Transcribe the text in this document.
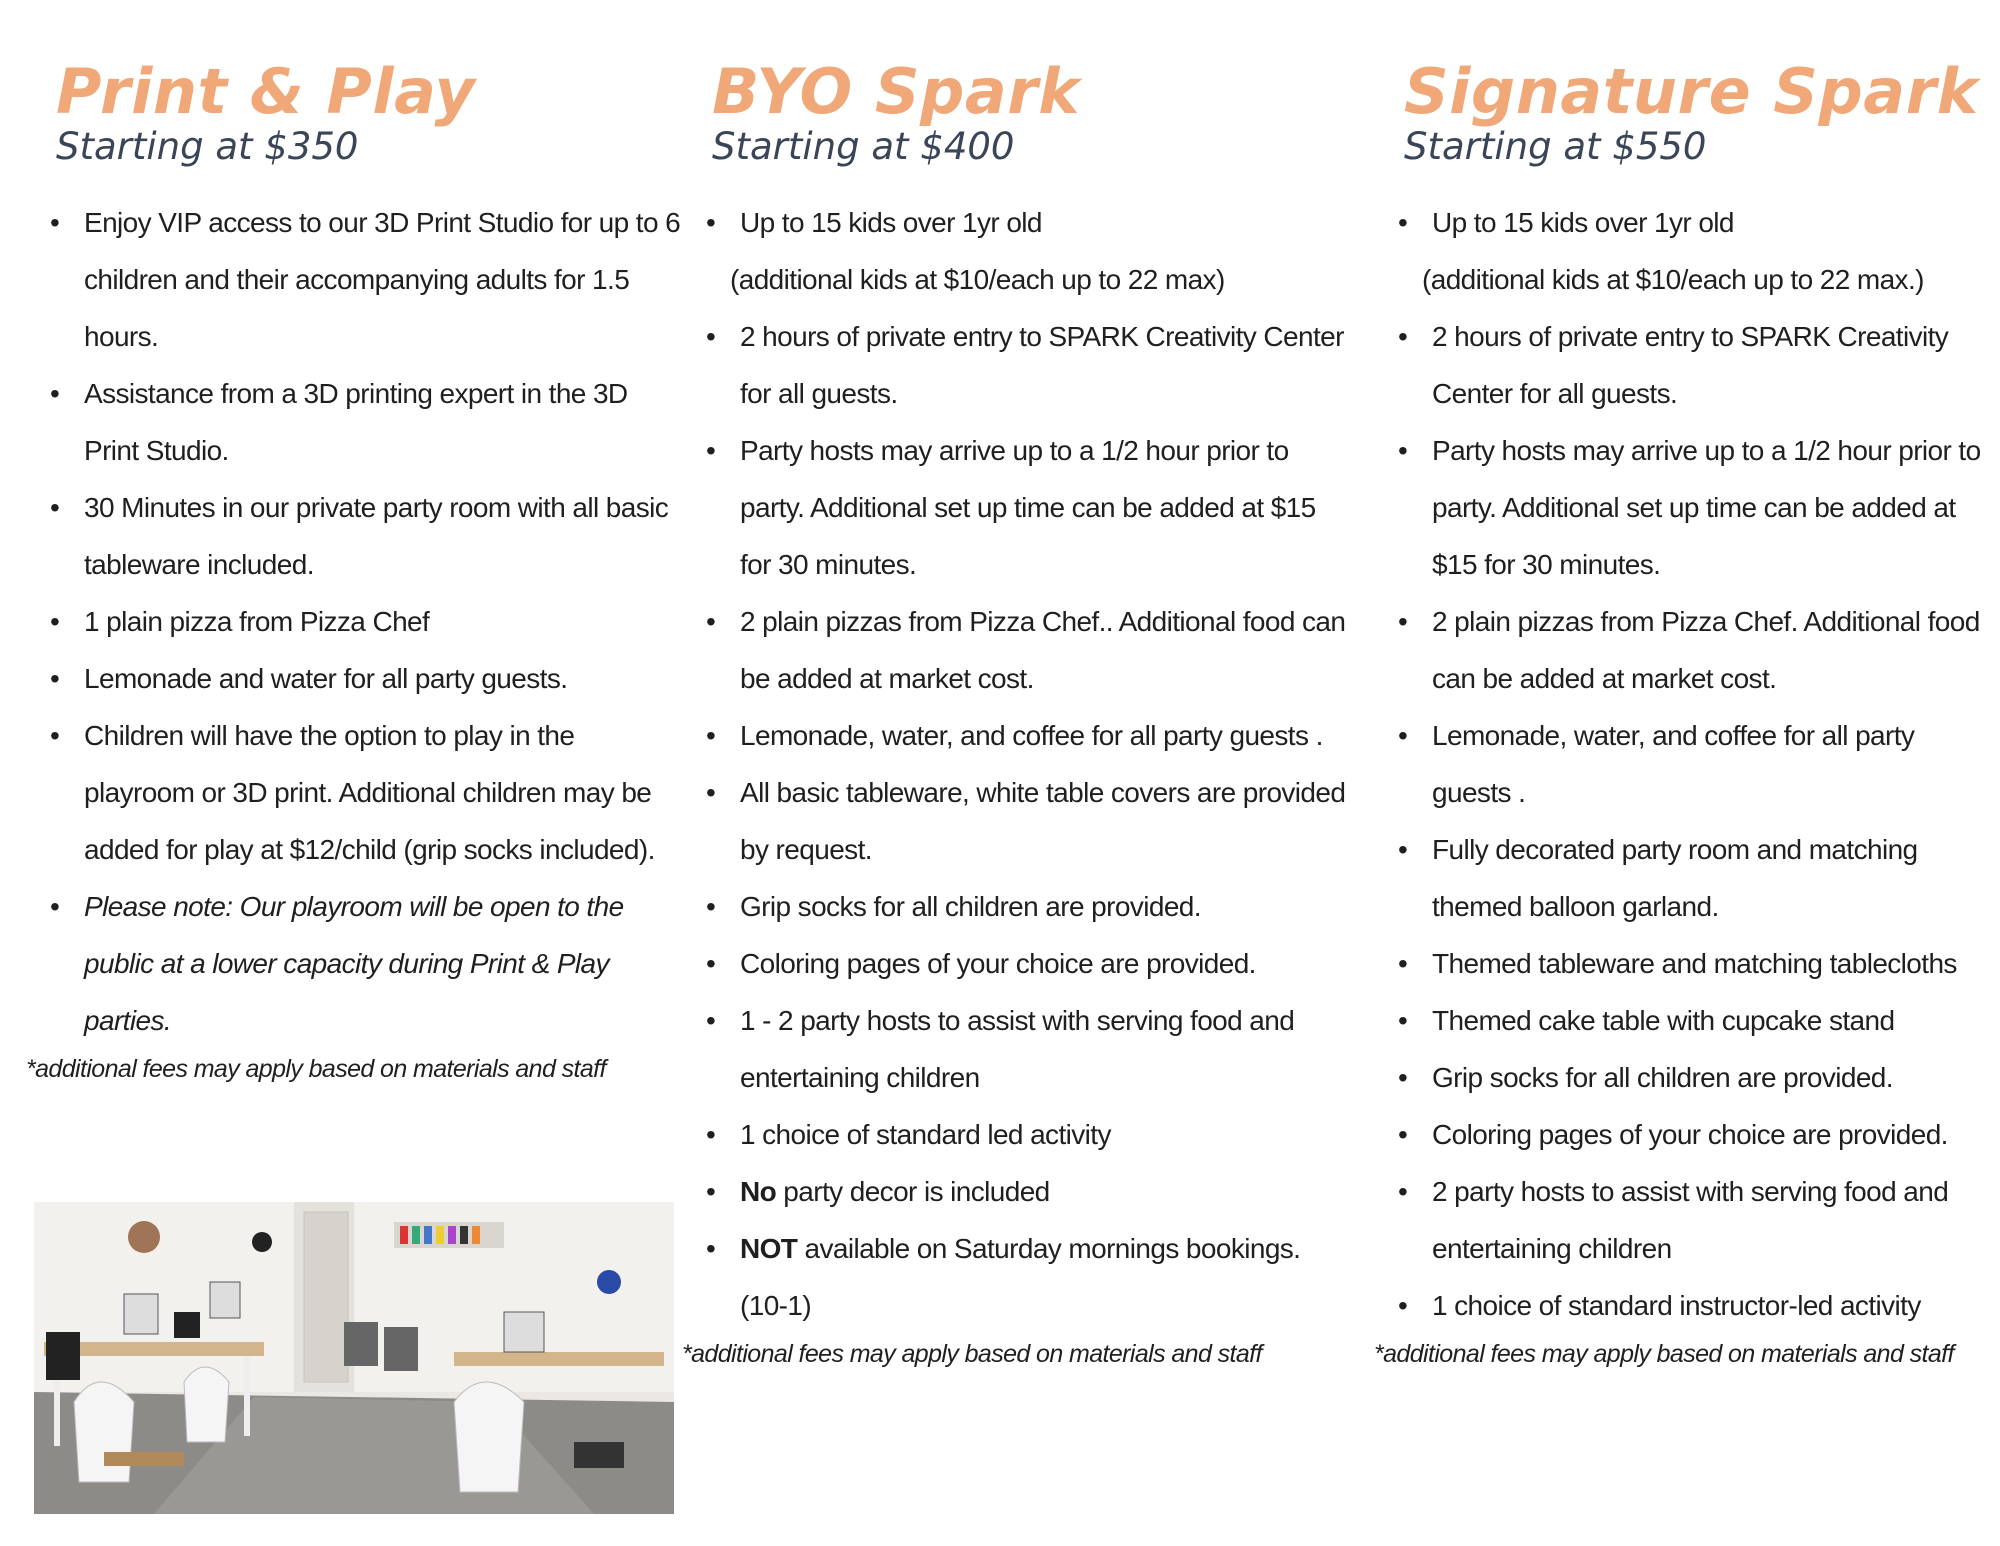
Print & Play
Starting at $350
• Enjoy VIP access to our 3D Print Studio for up to 6 children and their accompanying adults for 1.5 hours.
• Assistance from a 3D printing expert in the 3D Print Studio.
• 30 Minutes in our private party room with all basic tableware included.
• 1 plain pizza from Pizza Chef
• Lemonade and water for all party guests.
• Children will have the option to play in the playroom or 3D print. Additional children may be added for play at $12/child (grip socks included).
• Please note: Our playroom will be open to the public at a lower capacity during Print & Play parties.
*additional fees may apply based on materials and staff
BYO Spark
Starting at $400
• Up to 15 kids over 1yr old
(additional kids at $10/each up to 22 max)
• 2 hours of private entry to SPARK Creativity Center for all guests.
• Party hosts may arrive up to a 1/2 hour prior to party. Additional set up time can be added at $15 for 30 minutes.
• 2 plain pizzas from Pizza Chef.. Additional food can be added at market cost.
• Lemonade, water, and coffee for all party guests .
• All basic tableware, white table covers are provided by request.
• Grip socks for all children are provided.
• Coloring pages of your choice are provided.
• 1 - 2 party hosts to assist with serving food and entertaining children
• 1 choice of standard led activity
• No party decor is included
• NOT available on Saturday mornings bookings. (10-1)
*additional fees may apply based on materials and staff
Signature Spark
Starting at $550
• Up to 15 kids over 1yr old
(additional kids at $10/each up to 22 max.)
• 2 hours of private entry to SPARK Creativity Center for all guests.
• Party hosts may arrive up to a 1/2 hour prior to party. Additional set up time can be added at $15 for 30 minutes.
• 2 plain pizzas from Pizza Chef. Additional food can be added at market cost.
• Lemonade, water, and coffee for all party guests .
• Fully decorated party room and matching themed balloon garland.
• Themed tableware and matching tablecloths
• Themed cake table with cupcake stand
• Grip socks for all children are provided.
• Coloring pages of your choice are provided.
• 2 party hosts to assist with serving food and entertaining children
• 1 choice of standard instructor-led activity
*additional fees may apply based on materials and staff
